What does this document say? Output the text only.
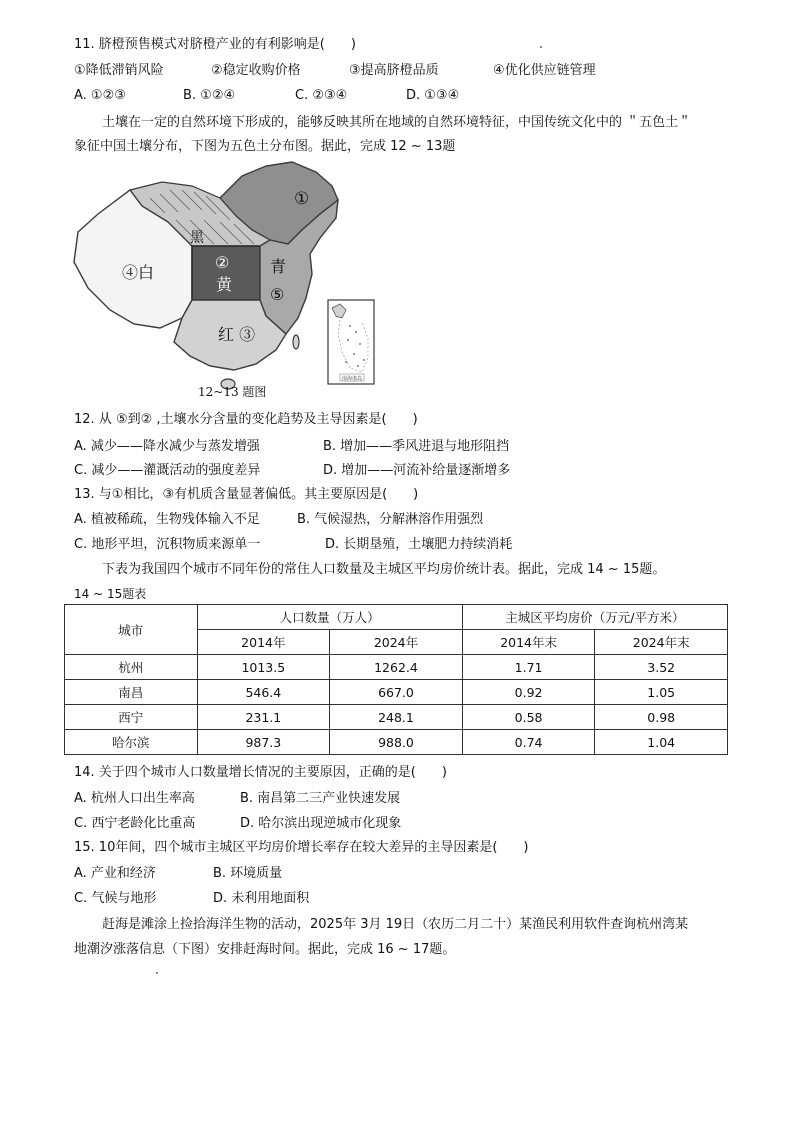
11. 脐橙预售模式对脐橙产业的有利影响是(　　)
①降低滞销风险	②稳定收购价格	③提高脐橙品质	④优化供应链管理
A. ①②③	B. ①②④	C. ②③④	D. ①③④
土壤在一定的自然环境下形成的，能够反映其所在地域的自然环境特征，中国传统文化中的 ＂五色土＂
象征中国土壤分布，下图为五色土分布图。据此，完成 12 ~ 13题
①
黑
②
黄
④白	青
⑤
红 ③
12~13 题图
南海诸岛
12. 从 ⑤到② ,土壤水分含量的变化趋势及主导因素是(　　)
A. 减少——降水减少与蒸发增强	B. 增加——季风进退与地形阻挡
C. 减少——灌溉活动的强度差异	D. 增加——河流补给量逐渐增多
13. 与①相比，③有机质含量显著偏低。其主要原因是(　　)
A. 植被稀疏，生物残体输入不足	B. 气候湿热，分解淋溶作用强烈
C. 地形平坦，沉积物质来源单一	D. 长期垦殖，土壤肥力持续消耗
下表为我国四个城市不同年份的常住人口数量及主城区平均房价统计表。据此，完成 14 ~ 15题。
14 ~ 15题表
城市	人口数量（万人）		主城区平均房价（万元/平方米）	
	2014年	2024年	2014年末	2024年末
杭州	1013.5	1262.4	1.71	3.52
南昌	546.4	667.0	0.92	1.05
西宁	231.1	248.1	0.58	0.98
哈尔滨	987.3	988.0	0.74	1.04
14. 关于四个城市人口数量增长情况的主要原因，正确的是(　　)
A. 杭州人口出生率高	B. 南昌第二三产业快速发展
C. 西宁老龄化比重高	D. 哈尔滨出现逆城市化现象
15. 10年间，四个城市主城区平均房价增长率存在较大差异的主导因素是(　　)
A. 产业和经济	B. 环境质量
C. 气候与地形	D. 未利用地面积
赶海是滩涂上捡拾海洋生物的活动，2025年 3月 19日（农历二月二十）某渔民利用软件查询杭州湾某
地潮汐涨落信息（下图）安排赶海时间。据此，完成 16 ~ 17题。
